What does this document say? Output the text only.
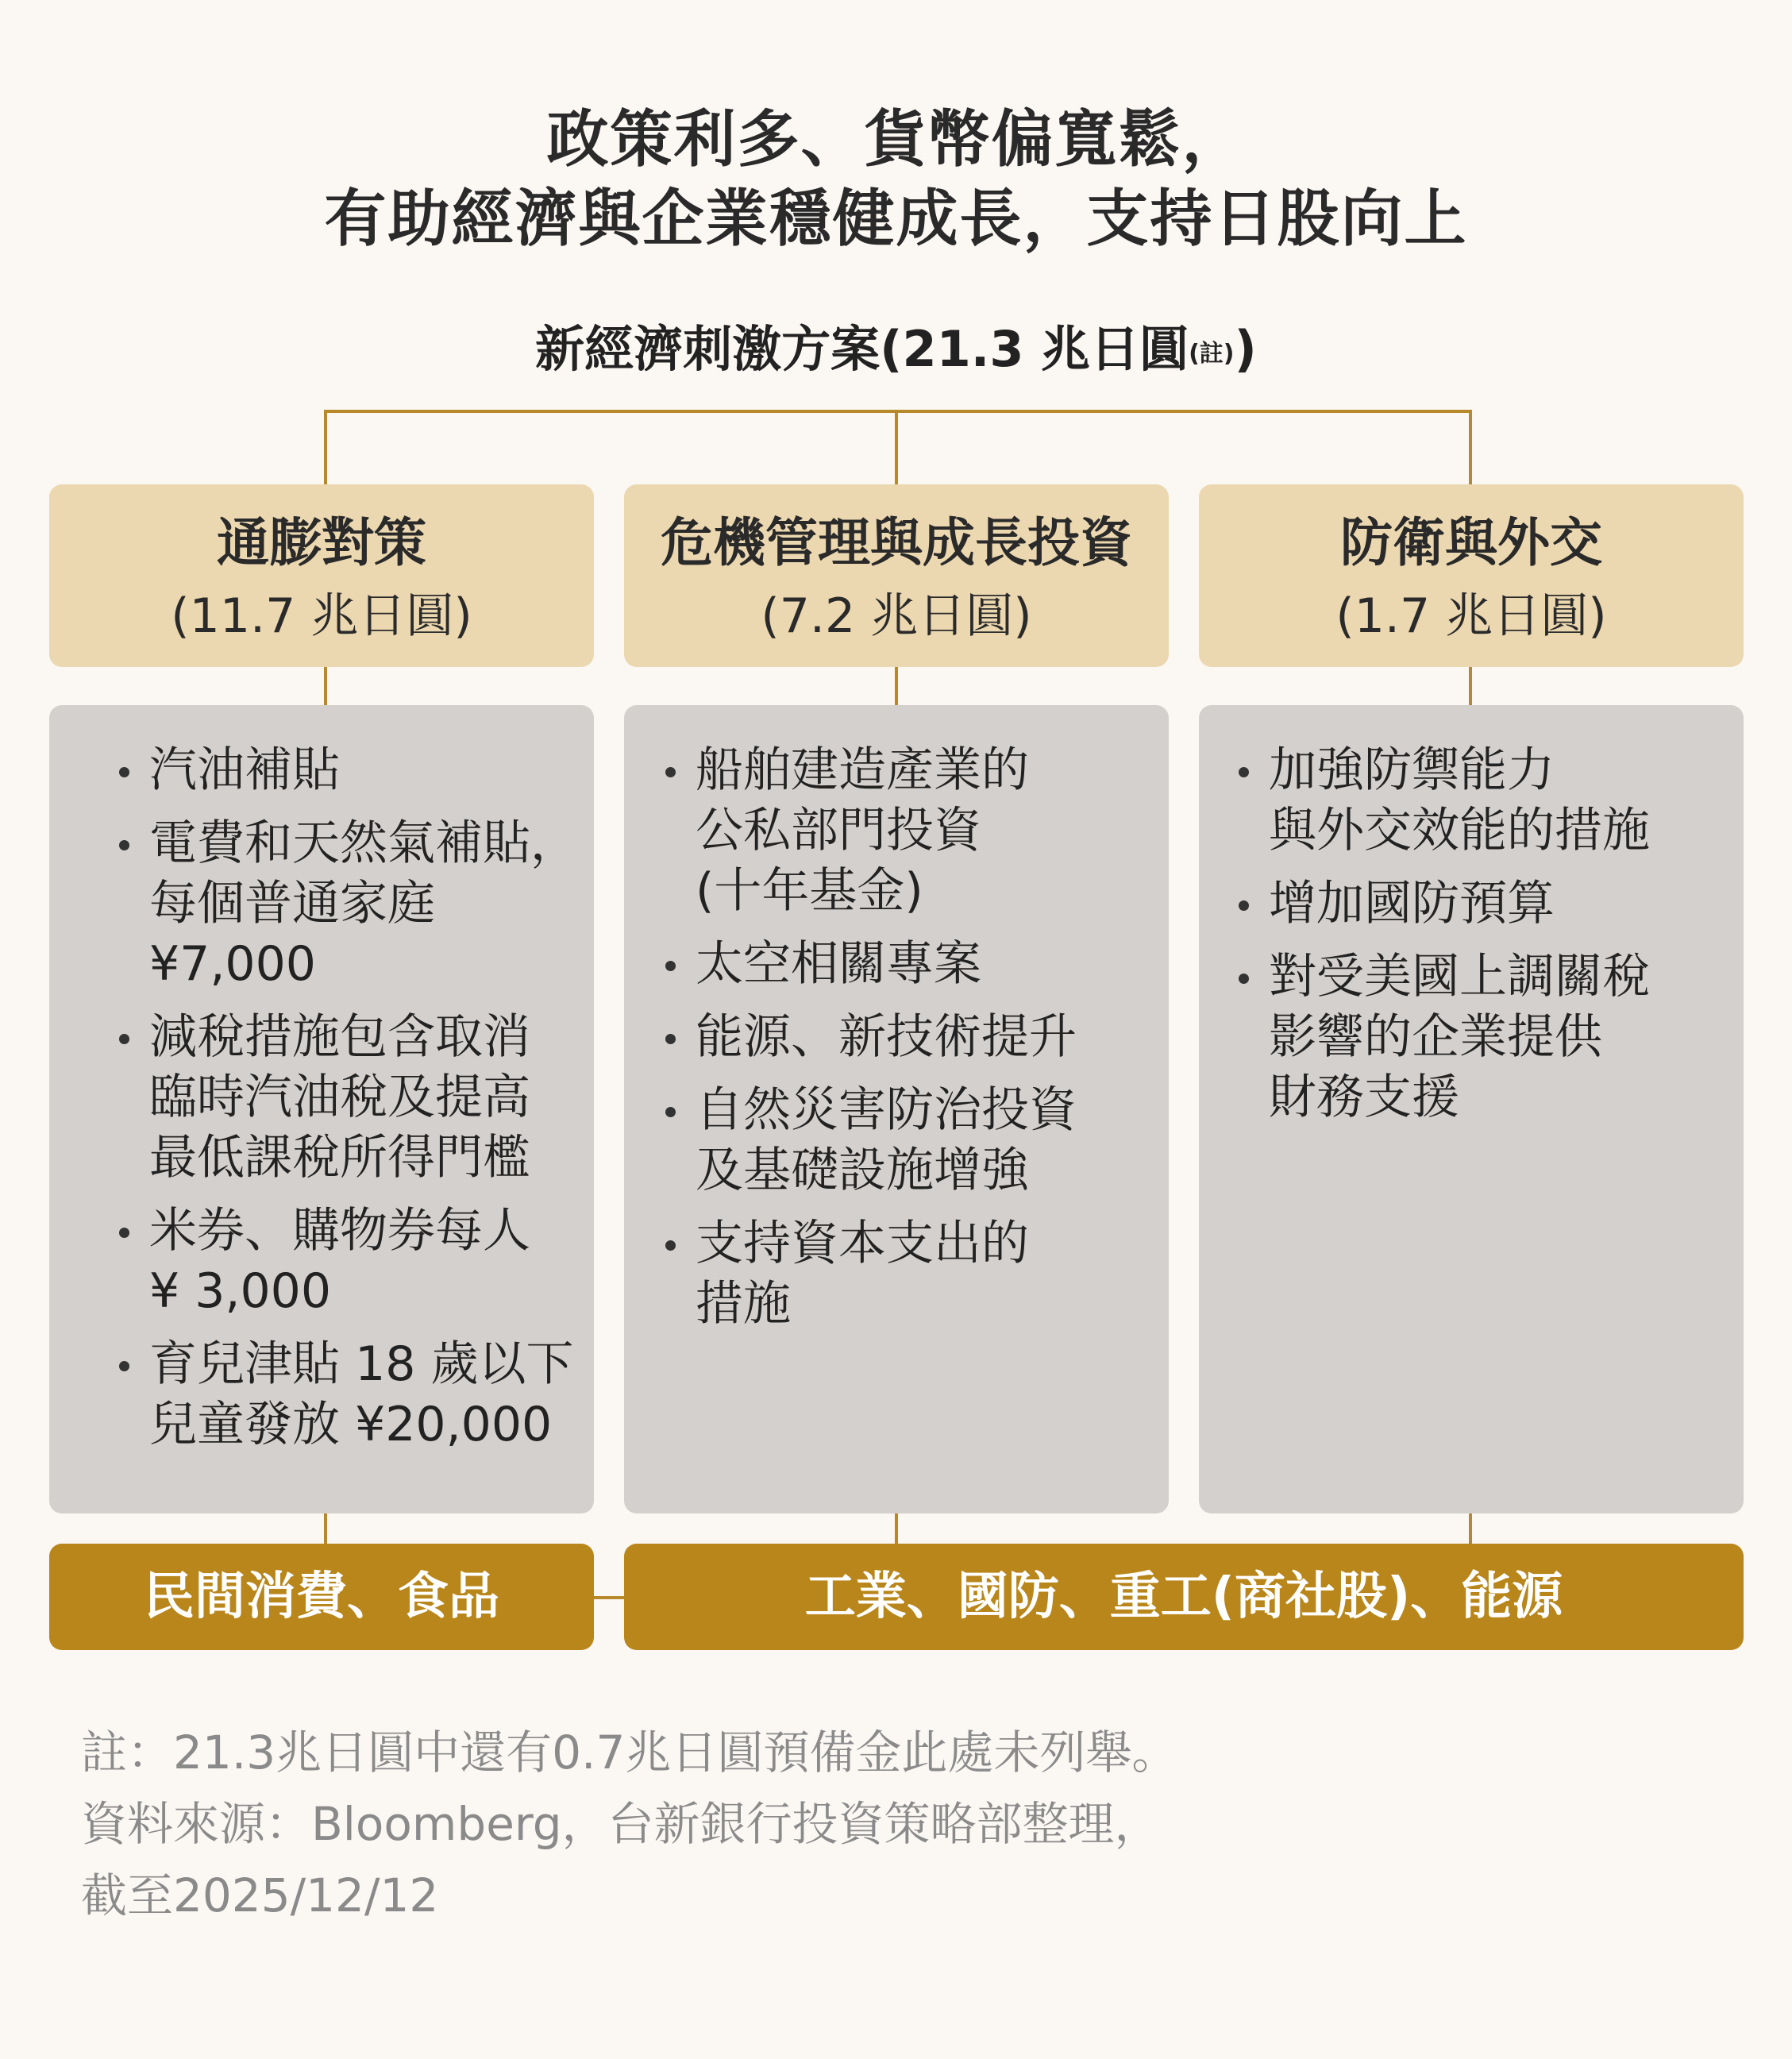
政策利多、貨幣偏寬鬆，
有助經濟與企業穩健成長，支持日股向上
新經濟刺激方案(21.3 兆日圓$^{(註)}$)
通膨對策
(11.7 兆日圓)
危機管理與成長投資
(7.2 兆日圓)
防衛與外交
(1.7 兆日圓)
汽油補貼
電費和天然氣補貼，
每個普通家庭
¥7,000
減稅措施包含取消
臨時汽油稅及提高
最低課稅所得門檻
米券、購物券每人
¥ 3,000
育兒津貼 18 歲以下
兒童發放 ¥20,000
船舶建造產業的
公私部門投資
(十年基金)
太空相關專案
能源、新技術提升
自然災害防治投資
及基礎設施增強
支持資本支出的
措施
加強防禦能力
與外交效能的措施
增加國防預算
對受美國上調關稅
影響的企業提供
財務支援
民間消費、食品	工業、國防、重工(商社股)、能源
註：21.3兆日圓中還有0.7兆日圓預備金此處未列舉。
資料來源：Bloomberg，台新銀行投資策略部整理，
截至2025/12/12
